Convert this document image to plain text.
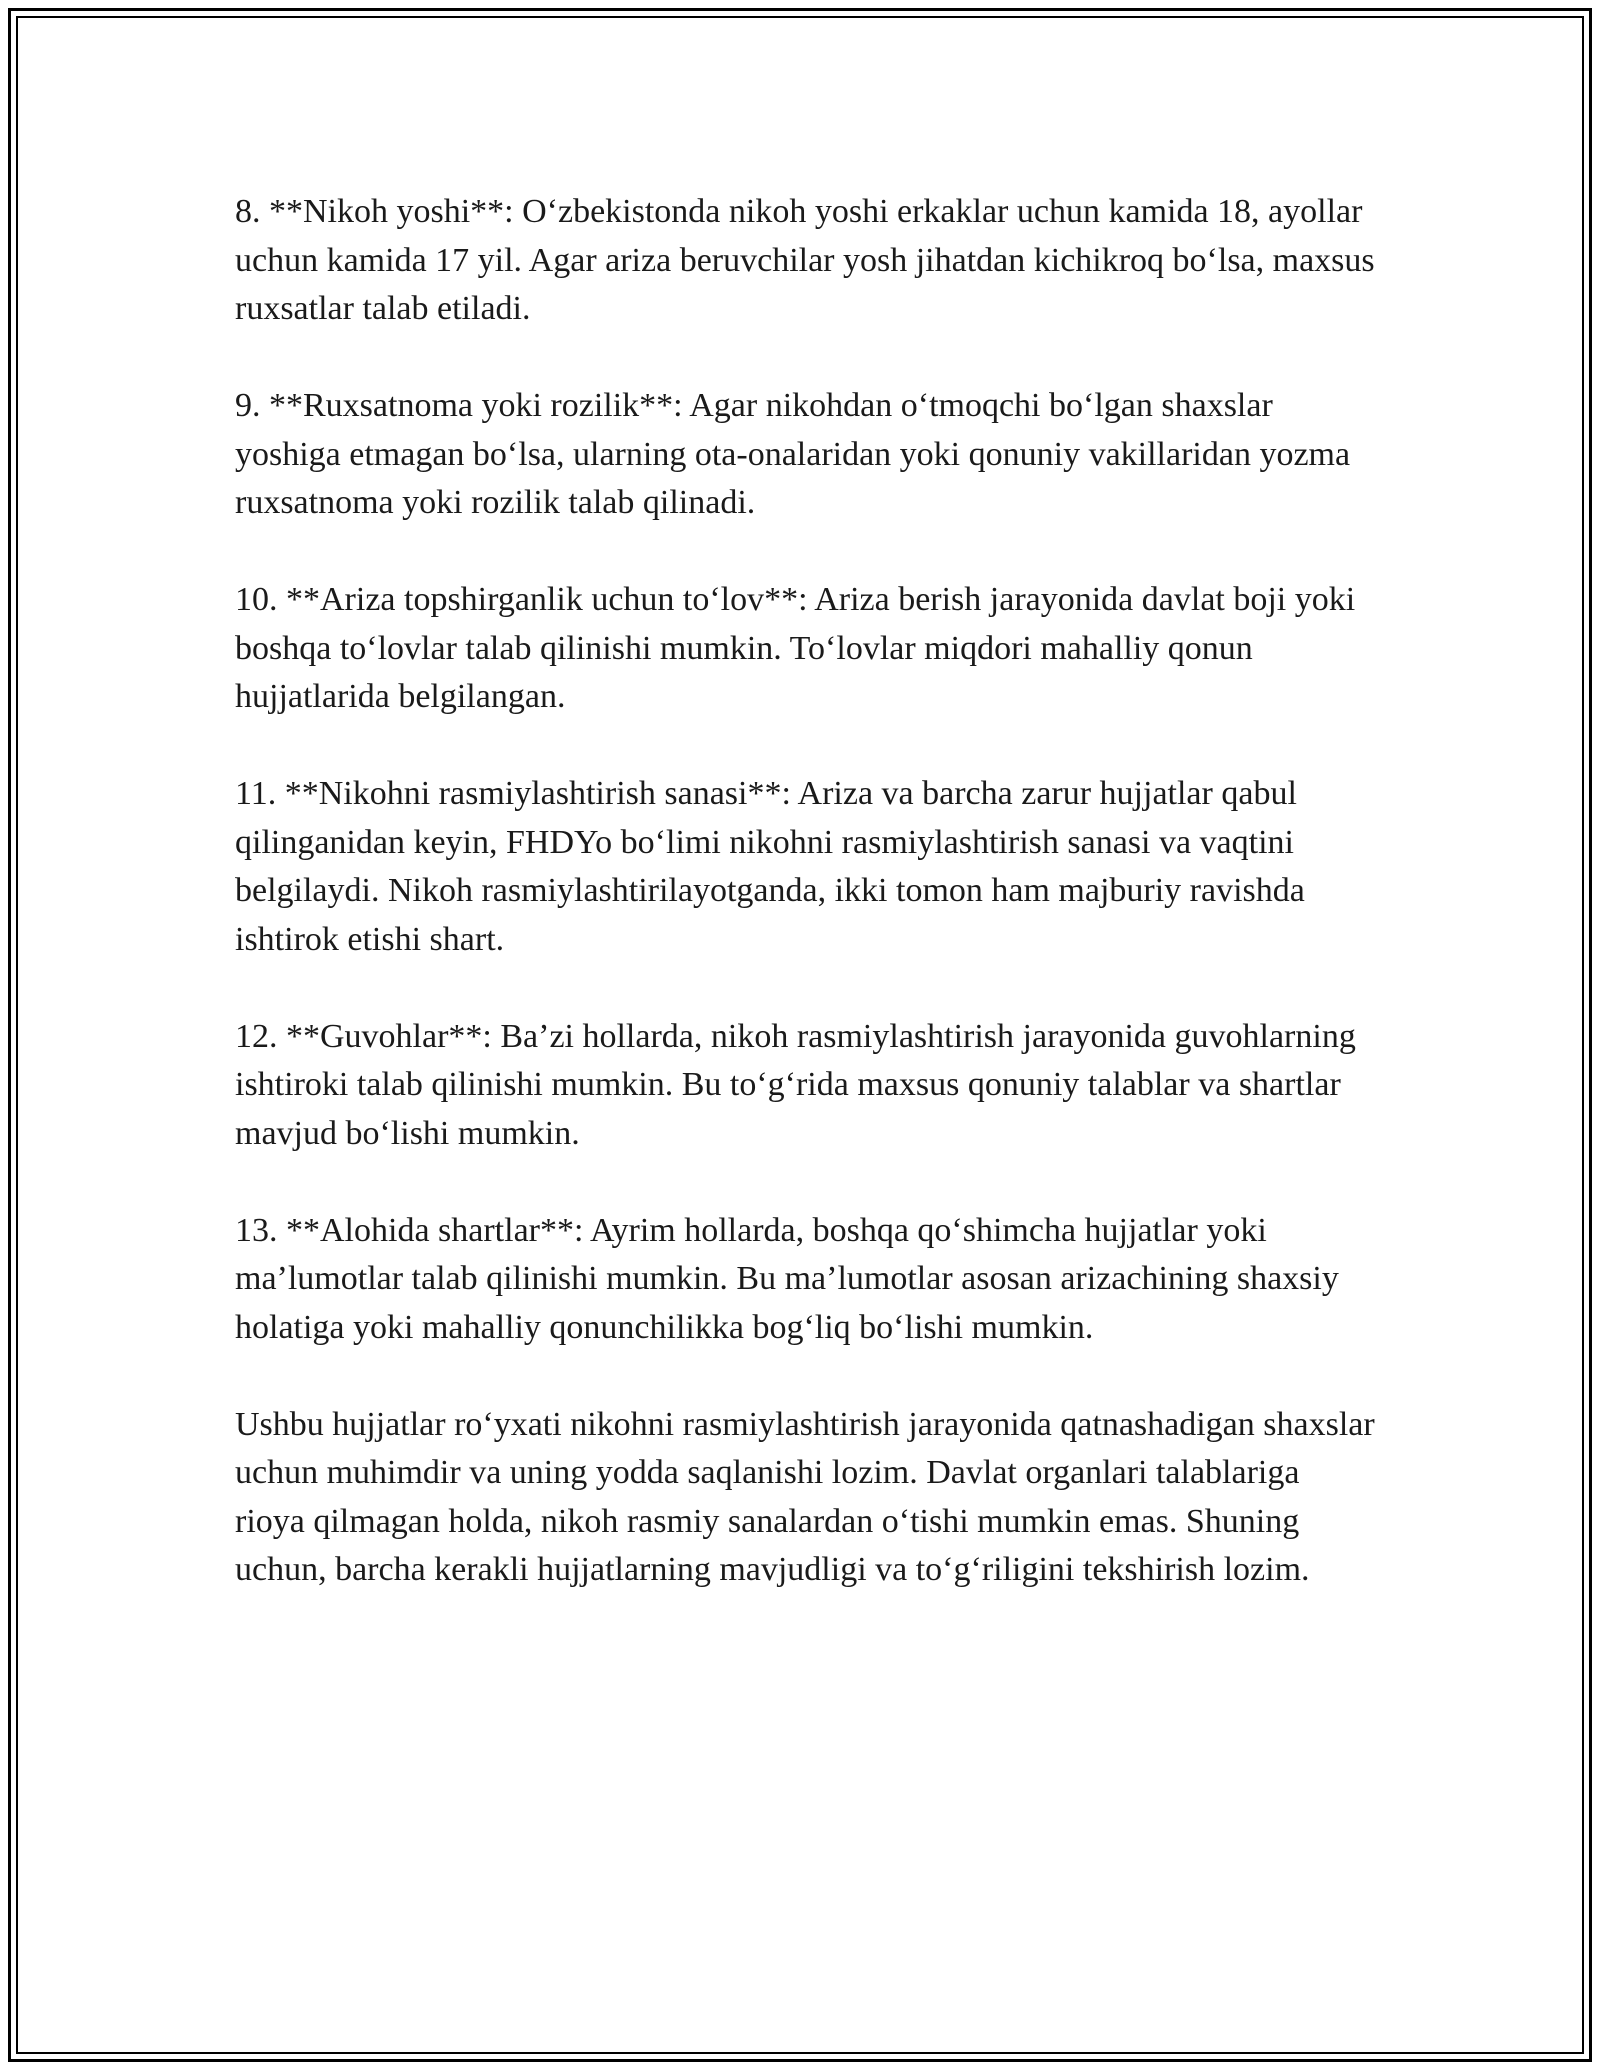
8. **Nikoh yoshi**: O‘zbekistonda nikoh yoshi erkaklar uchun kamida 18, ayollar uchun kamida 17 yil. Agar ariza beruvchilar yosh jihatdan kichikroq bo‘lsa, maxsus ruxsatlar talab etiladi.

9. **Ruxsatnoma yoki rozilik**: Agar nikohdan o‘tmoqchi bo‘lgan shaxslar yoshiga etmagan bo‘lsa, ularning ota-onalaridan yoki qonuniy vakillaridan yozma ruxsatnoma yoki rozilik talab qilinadi.

10. **Ariza topshirganlik uchun to‘lov**: Ariza berish jarayonida davlat boji yoki boshqa to‘lovlar talab qilinishi mumkin. To‘lovlar miqdori mahalliy qonun hujjatlarida belgilangan.

11. **Nikohni rasmiylashtirish sanasi**: Ariza va barcha zarur hujjatlar qabul qilinganidan keyin, FHDYo bo‘limi nikohni rasmiylashtirish sanasi va vaqtini belgilaydi. Nikoh rasmiylashtirilayotganda, ikki tomon ham majburiy ravishda ishtirok etishi shart.

12. **Guvohlar**: Ba’zi hollarda, nikoh rasmiylashtirish jarayonida guvohlarning ishtiroki talab qilinishi mumkin. Bu to‘g‘rida maxsus qonuniy talablar va shartlar mavjud bo‘lishi mumkin.

13. **Alohida shartlar**: Ayrim hollarda, boshqa qo‘shimcha hujjatlar yoki ma’lumotlar talab qilinishi mumkin. Bu ma’lumotlar asosan arizachining shaxsiy holatiga yoki mahalliy qonunchilikka bog‘liq bo‘lishi mumkin.

Ushbu hujjatlar ro‘yxati nikohni rasmiylashtirish jarayonida qatnashadigan shaxslar uchun muhimdir va uning yodda saqlanishi lozim. Davlat organlari talablariga rioya qilmagan holda, nikoh rasmiy sanalardan o‘tishi mumkin emas. Shuning uchun, barcha kerakli hujjatlarning mavjudligi va to‘g‘riligini tekshirish lozim.
